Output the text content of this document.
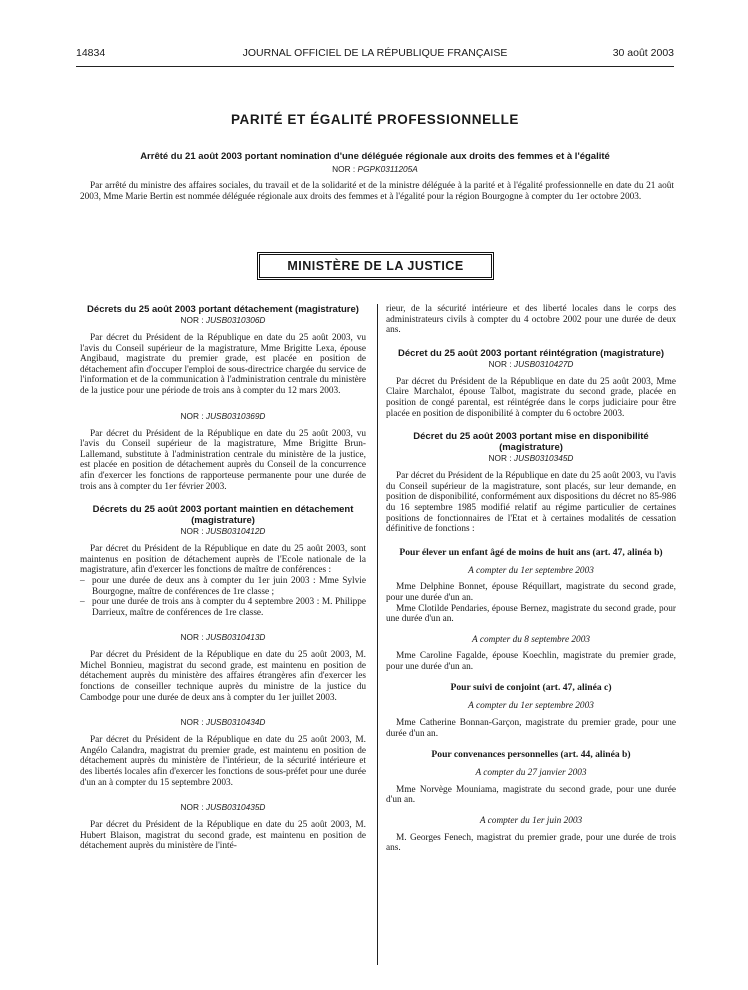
14834	JOURNAL OFFICIEL DE LA RÉPUBLIQUE FRANÇAISE	30 août 2003
PARITÉ ET ÉGALITÉ PROFESSIONNELLE
Arrêté du 21 août 2003 portant nomination d'une déléguée régionale aux droits des femmes et à l'égalité
NOR : PGPK0311205A

Par arrêté du ministre des affaires sociales, du travail et de la solidarité et de la ministre déléguée à la parité et à l'égalité professionnelle en date du 21 août 2003, Mme Marie Bertin est nommée déléguée régionale aux droits des femmes et à l'égalité pour la région Bourgogne à compter du 1er octobre 2003.

MINISTÈRE DE LA JUSTICE
Décrets du 25 août 2003 portant détachement (magistrature)
NOR : JUSB0310306D

Par décret du Président de la République en date du 25 août 2003, vu l'avis du Conseil supérieur de la magistrature, Mme Brigitte Lexa, épouse Angibaud, magistrate du premier grade, est placée en position de détachement afin d'occuper l'emploi de sous-directrice chargée du service de l'information et de la communication à l'administration centrale du ministère de la justice pour une période de trois ans à compter du 12 mars 2003.

NOR : JUSB0310369D

Par décret du Président de la République en date du 25 août 2003, vu l'avis du Conseil supérieur de la magistrature, Mme Brigitte Brun-Lallemand, substitute à l'administration centrale du ministère de la justice, est placée en position de détachement auprès du Conseil de la concurrence afin d'exercer les fonctions de rapporteuse permanente pour une durée de trois ans à compter du 1er février 2003.

Décrets du 25 août 2003 portant maintien en détachement (magistrature)
NOR : JUSB0310412D

Par décret du Président de la République en date du 25 août 2003, sont maintenus en position de détachement auprès de l'Ecole nationale de la magistrature, afin d'exercer les fonctions de maître de conférences :

– pour une durée de deux ans à compter du 1er juin 2003 : Mme Sylvie Bourgogne, maître de conférences de 1re classe ;
– pour une durée de trois ans à compter du 4 septembre 2003 : M. Philippe Darrieux, maître de conférences de 1re classe.
NOR : JUSB0310413D

Par décret du Président de la République en date du 25 août 2003, M. Michel Bonnieu, magistrat du second grade, est maintenu en position de détachement auprès du ministère des affaires étrangères afin d'exercer les fonctions de conseiller technique auprès du ministre de la justice du Cambodge pour une durée de deux ans à compter du 1er juillet 2003.

NOR : JUSB0310434D

Par décret du Président de la République en date du 25 août 2003, M. Angélo Calandra, magistrat du premier grade, est maintenu en position de détachement auprès du ministère de l'intérieur, de la sécurité intérieure et des libertés locales afin d'exercer les fonctions de sous-préfet pour une durée d'un an à compter du 15 septembre 2003.

NOR : JUSB0310435D

Par décret du Président de la République en date du 25 août 2003, M. Hubert Blaison, magistrat du second grade, est maintenu en position de détachement auprès du ministère de l'inté-

rieur, de la sécurité intérieure et des liberté locales dans le corps des administrateurs civils à compter du 4 octobre 2002 pour une durée de deux ans.

Décret du 25 août 2003 portant réintégration (magistrature)
NOR : JUSB0310427D

Par décret du Président de la République en date du 25 août 2003, Mme Claire Marchalot, épouse Talbot, magistrate du second grade, placée en position de congé parental, est réintégrée dans le corps judiciaire pour être placée en position de disponibilité à compter du 6 octobre 2003.

Décret du 25 août 2003 portant mise en disponibilité (magistrature)
NOR : JUSB0310345D

Par décret du Président de la République en date du 25 août 2003, vu l'avis du Conseil supérieur de la magistrature, sont placés, sur leur demande, en position de disponibilité, conformément aux dispositions du décret no 85-986 du 16 septembre 1985 modifié relatif au régime particulier de certaines positions de fonctionnaires de l'Etat et à certaines modalités de cessation définitive de fonctions :

Pour élever un enfant âgé de moins de huit ans (art. 47, alinéa b)
A compter du 1er septembre 2003

Mme Delphine Bonnet, épouse Réquillart, magistrate du second grade, pour une durée d'un an.

Mme Clotilde Pendaries, épouse Bernez, magistrate du second grade, pour une durée d'un an.

A compter du 8 septembre 2003

Mme Caroline Fagalde, épouse Koechlin, magistrate du premier grade, pour une durée d'un an.

Pour suivi de conjoint (art. 47, alinéa c)
A compter du 1er septembre 2003

Mme Catherine Bonnan-Garçon, magistrate du premier grade, pour une durée d'un an.

Pour convenances personnelles (art. 44, alinéa b)
A compter du 27 janvier 2003

Mme Norvège Mouniama, magistrate du second grade, pour une durée d'un an.

A compter du 1er juin 2003

M. Georges Fenech, magistrat du premier grade, pour une durée de trois ans.
